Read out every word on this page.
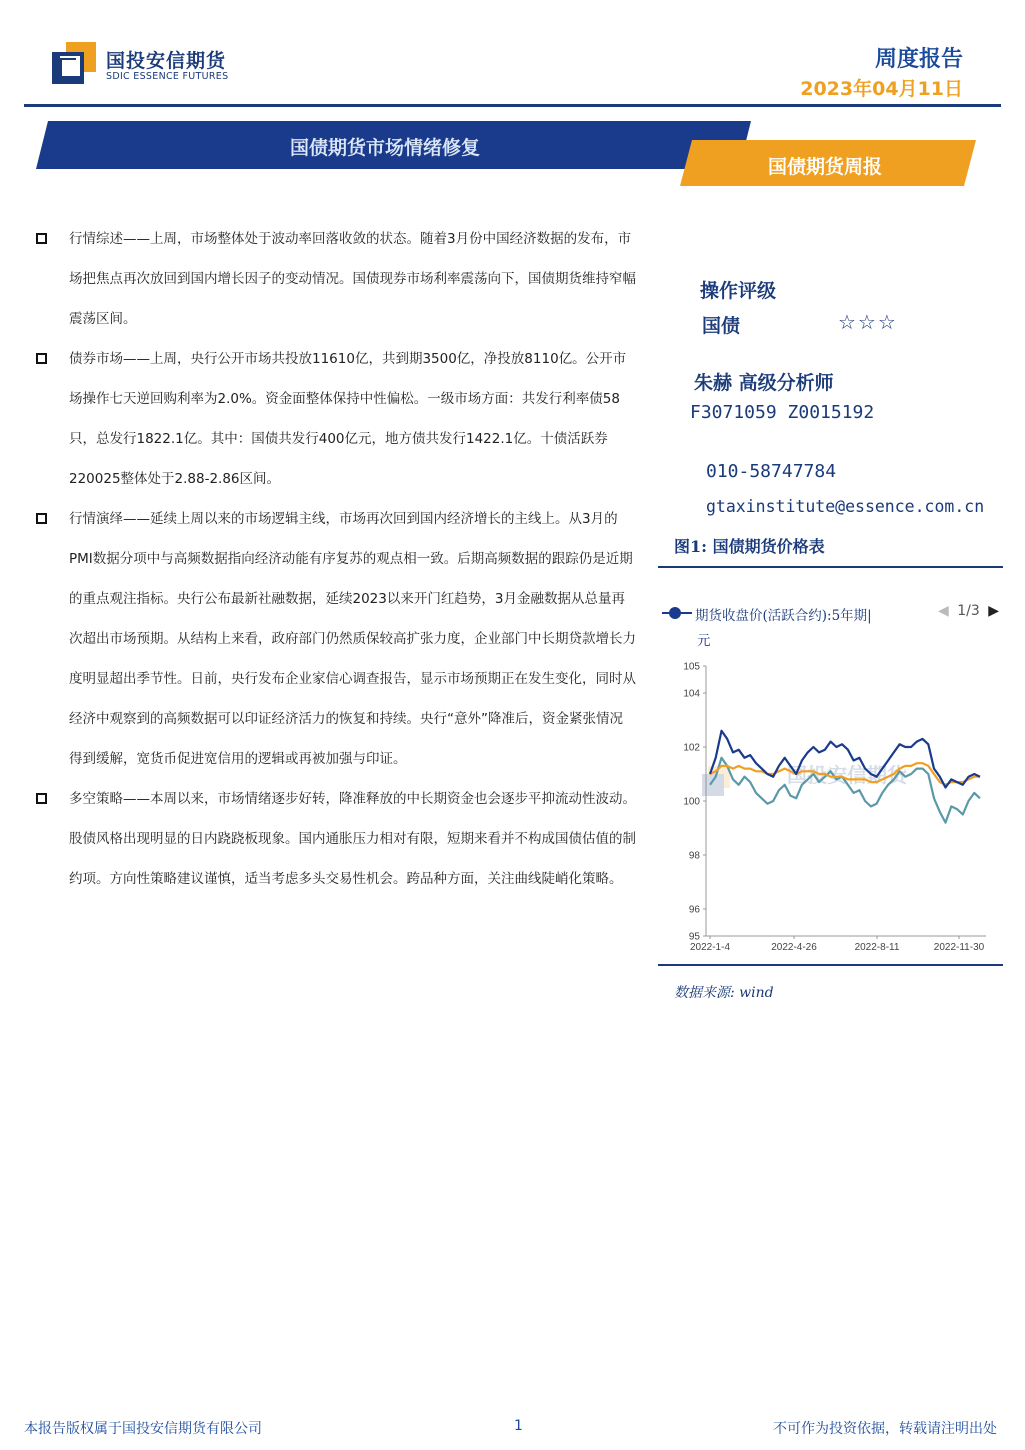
国投安信期货
SDIC ESSENCE FUTURES
周度报告
2023年04月11日
国债期货市场情绪修复
国债期货周报
行情综述——上周，市场整体处于波动率回落收敛的状态。随着3月份中国经济数据的发布，市场把焦点再次放回到国内增长因子的变动情况。国债现券市场利率震荡向下，国债期货维持窄幅震荡区间。
债券市场——上周，央行公开市场共投放11610亿，共到期3500亿，净投放8110亿。公开市场操作七天逆回购利率为2.0%。资金面整体保持中性偏松。一级市场方面：共发行利率债58只，总发行1822.1亿。其中：国债共发行400亿元，地方债共发行1422.1亿。十债活跃券220025整体处于2.88-2.86区间。
行情演绎——延续上周以来的市场逻辑主线，市场再次回到国内经济增长的主线上。从3月的PMI数据分项中与高频数据指向经济动能有序复苏的观点相一致。后期高频数据的跟踪仍是近期的重点观注指标。央行公布最新社融数据，延续2023以来开门红趋势，3月金融数据从总量再次超出市场预期。从结构上来看，政府部门仍然质保较高扩张力度，企业部门中长期贷款增长力度明显超出季节性。日前，央行发布企业家信心调查报告，显示市场预期正在发生变化，同时从经济中观察到的高频数据可以印证经济活力的恢复和持续。央行“意外”降准后，资金紧张情况得到缓解，宽货币促进宽信用的逻辑或再被加强与印证。
多空策略——本周以来，市场情绪逐步好转，降准释放的中长期资金也会逐步平抑流动性波动。股债风格出现明显的日内跷跷板现象。国内通胀压力相对有限，短期来看并不构成国债估值的制约项。方向性策略建议谨慎，适当考虑多头交易性机会。跨品种方面，关注曲线陡峭化策略。
操作评级
国债	☆☆☆
朱赫 高级分析师
F3071059 Z0015192
010-58747784
gtaxinstitute@essence.com.cn
图1: 国债期货价格表
期货收盘价(活跃合约):5年期|	◀ 1/3 ▶
元
国投安信期货
95
96
98
100
102
104
105
2022-1-4	2022-4-26	2022-8-11	2022-11-30
数据来源: wind
本报告版权属于国投安信期货有限公司	1	不可作为投资依据，转载请注明出处
